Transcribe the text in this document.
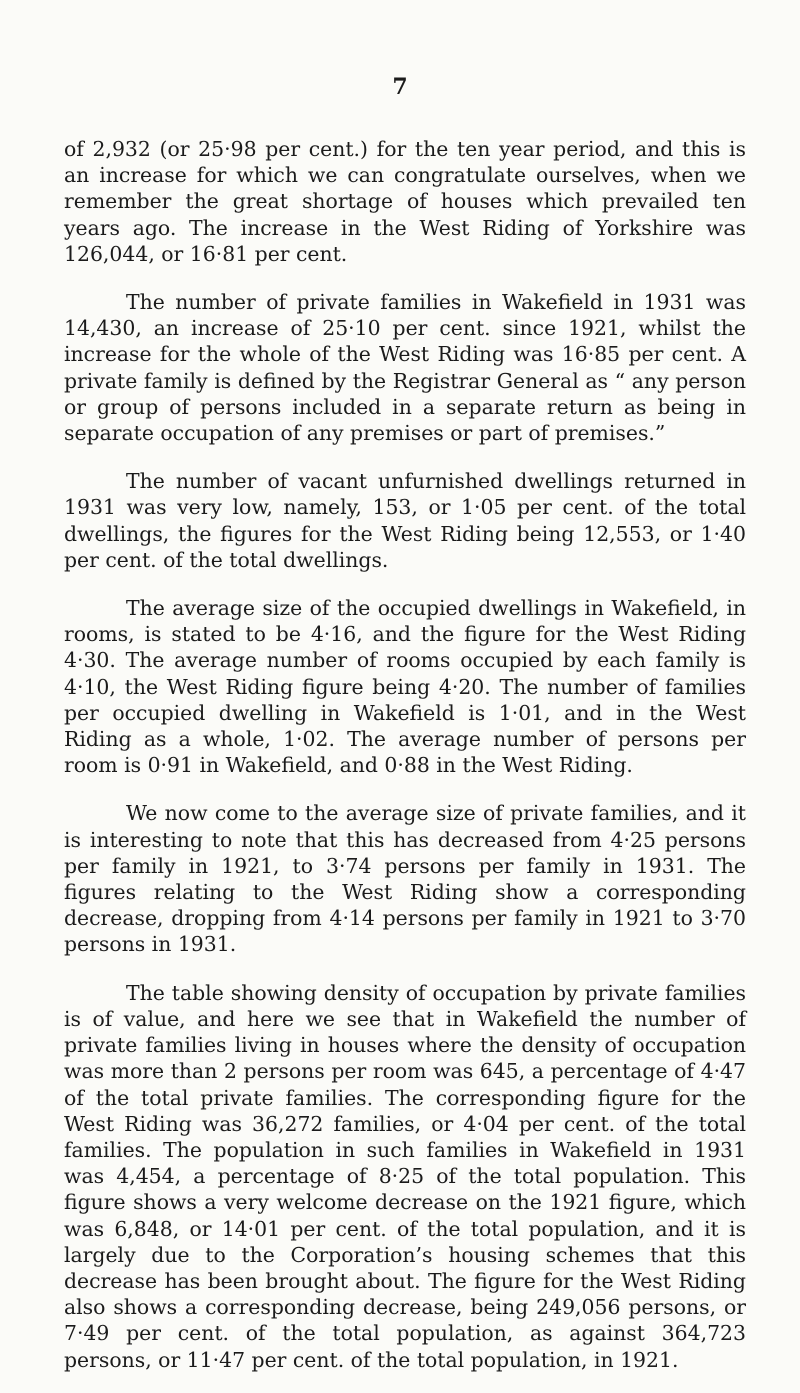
7

of 2,932 (or 25·98 per cent.) for the ten year period, and this is an increase for which we can congratulate ourselves, when we remember the great shortage of houses which prevailed ten years ago. The increase in the West Riding of Yorkshire was 126,044, or 16·81 per cent.

The number of private families in Wakefield in 1931 was 14,430, an increase of 25·10 per cent. since 1921, whilst the increase for the whole of the West Riding was 16·85 per cent. A private family is defined by the Registrar General as “ any person or group of persons included in a separate return as being in separate occupation of any premises or part of premises.”

The number of vacant unfurnished dwellings returned in 1931 was very low, namely, 153, or 1·05 per cent. of the total dwellings, the figures for the West Riding being 12,553, or 1·40 per cent. of the total dwellings.

The average size of the occupied dwellings in Wakefield, in rooms, is stated to be 4·16, and the figure for the West Riding 4·30. The average number of rooms occupied by each family is 4·10, the West Riding figure being 4·20. The number of families per occupied dwelling in Wakefield is 1·01, and in the West Riding as a whole, 1·02. The average number of persons per room is 0·91 in Wakefield, and 0·88 in the West Riding.

We now come to the average size of private families, and it is interesting to note that this has decreased from 4·25 persons per family in 1921, to 3·74 persons per family in 1931. The figures relating to the West Riding show a corresponding decrease, dropping from 4·14 persons per family in 1921 to 3·70 persons in 1931.

The table showing density of occupation by private families is of value, and here we see that in Wakefield the number of private families living in houses where the density of occupation was more than 2 persons per room was 645, a percentage of 4·47 of the total private families. The corresponding figure for the West Riding was 36,272 families, or 4·04 per cent. of the total families. The population in such families in Wakefield in 1931 was 4,454, a percentage of 8·25 of the total population. This figure shows a very welcome decrease on the 1921 figure, which was 6,848, or 14·01 per cent. of the total population, and it is largely due to the Corporation’s housing schemes that this decrease has been brought about. The figure for the West Riding also shows a corresponding decrease, being 249,056 persons, or 7·49 per cent. of the total population, as against 364,723 persons, or 11·47 per cent. of the total population, in 1921.
